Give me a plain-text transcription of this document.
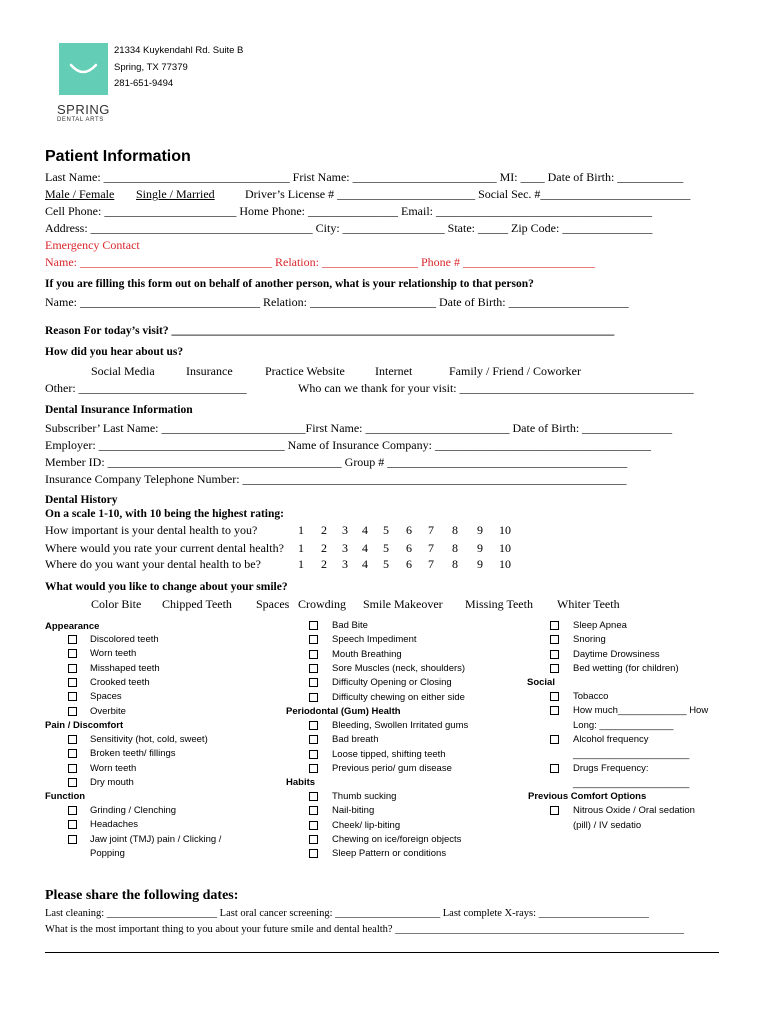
21334 Kuykendahl Rd. Suite B
Spring, TX 77379
281-651-9494
SPRING
DENTAL ARTS
Patient Information
Last Name: _______________________________ Frist Name: ________________________ MI: ____ Date of Birth: ___________
Male / Female Single / Married	Driver’s License # _______________________ Social Sec. #_________________________
Cell Phone: ______________________ Home Phone: _______________ Email: ____________________________________
Address: _____________________________________ City: _________________ State: _____ Zip Code: _______________
Emergency Contact
Name: ________________________________ Relation: ________________ Phone # ______________________
If you are filling this form out on behalf of another person, what is your relationship to that person?
Name: ______________________________ Relation: _____________________ Date of Birth: ____________________
Reason For today’s visit? _____________________________________________________________________________
How did you hear about us?
Social Media	Insurance	Practice Website	Internet	Family / Friend / Coworker
Other: ____________________________	Who can we thank for your visit: _______________________________________
Dental Insurance Information
Subscriber’ Last Name: ________________________First Name: ________________________ Date of Birth: _______________
Employer: _______________________________ Name of Insurance Company: ____________________________________
Member ID: _______________________________________ Group # ________________________________________
Insurance Company Telephone Number: ________________________________________________________________
Dental History
On a scale 1-10, with 10 being the highest rating:
How important is your dental health to you?	1 2 3 4 5 6 7 8 9 10
Where would you rate your current dental health? 1 2 3 4 5 6 7 8 9 10
Where do you want your dental health to be?	1 2 3 4 5 6 7 8 9 10
What would you like to change about your smile?
Color Bite Chipped Teeth Spaces Crowding Smile Makeover Missing Teeth Whiter Teeth
Appearance
Discolored teeth
Worn teeth
Misshaped teeth
Crooked teeth
Spaces
Overbite
Pain / Discomfort
Sensitivity (hot, cold, sweet)
Broken teeth/ fillings
Worn teeth
Dry mouth
Function
Grinding / Clenching
Headaches
Jaw joint (TMJ) pain / Clicking /
Popping
Bad Bite
Speech Impediment
Mouth Breathing
Sore Muscles (neck, shoulders)
Difficulty Opening or Closing
Difficulty chewing on either side
Periodontal (Gum) Health
Bleeding, Swollen Irritated gums
Bad breath
Loose tipped, shifting teeth
Previous perio/ gum disease
Habits
Thumb sucking
Nail-biting
Cheek/ lip-biting
Chewing on ice/foreign objects
Sleep Pattern or conditions
Sleep Apnea
Snoring
Daytime Drowsiness
Bed wetting (for children)
Social
Tobacco
How much_____________ How
Long: ______________
Alcohol frequency
______________________
Drugs Frequency:
______________________
Previous Comfort Options
Nitrous Oxide / Oral sedation
(pill) / IV sedatio
Please share the following dates:
Last cleaning: _____________________ Last oral cancer screening: ____________________ Last complete X-rays: _____________________
What is the most important thing to you about your future smile and dental health? _______________________________________________________
